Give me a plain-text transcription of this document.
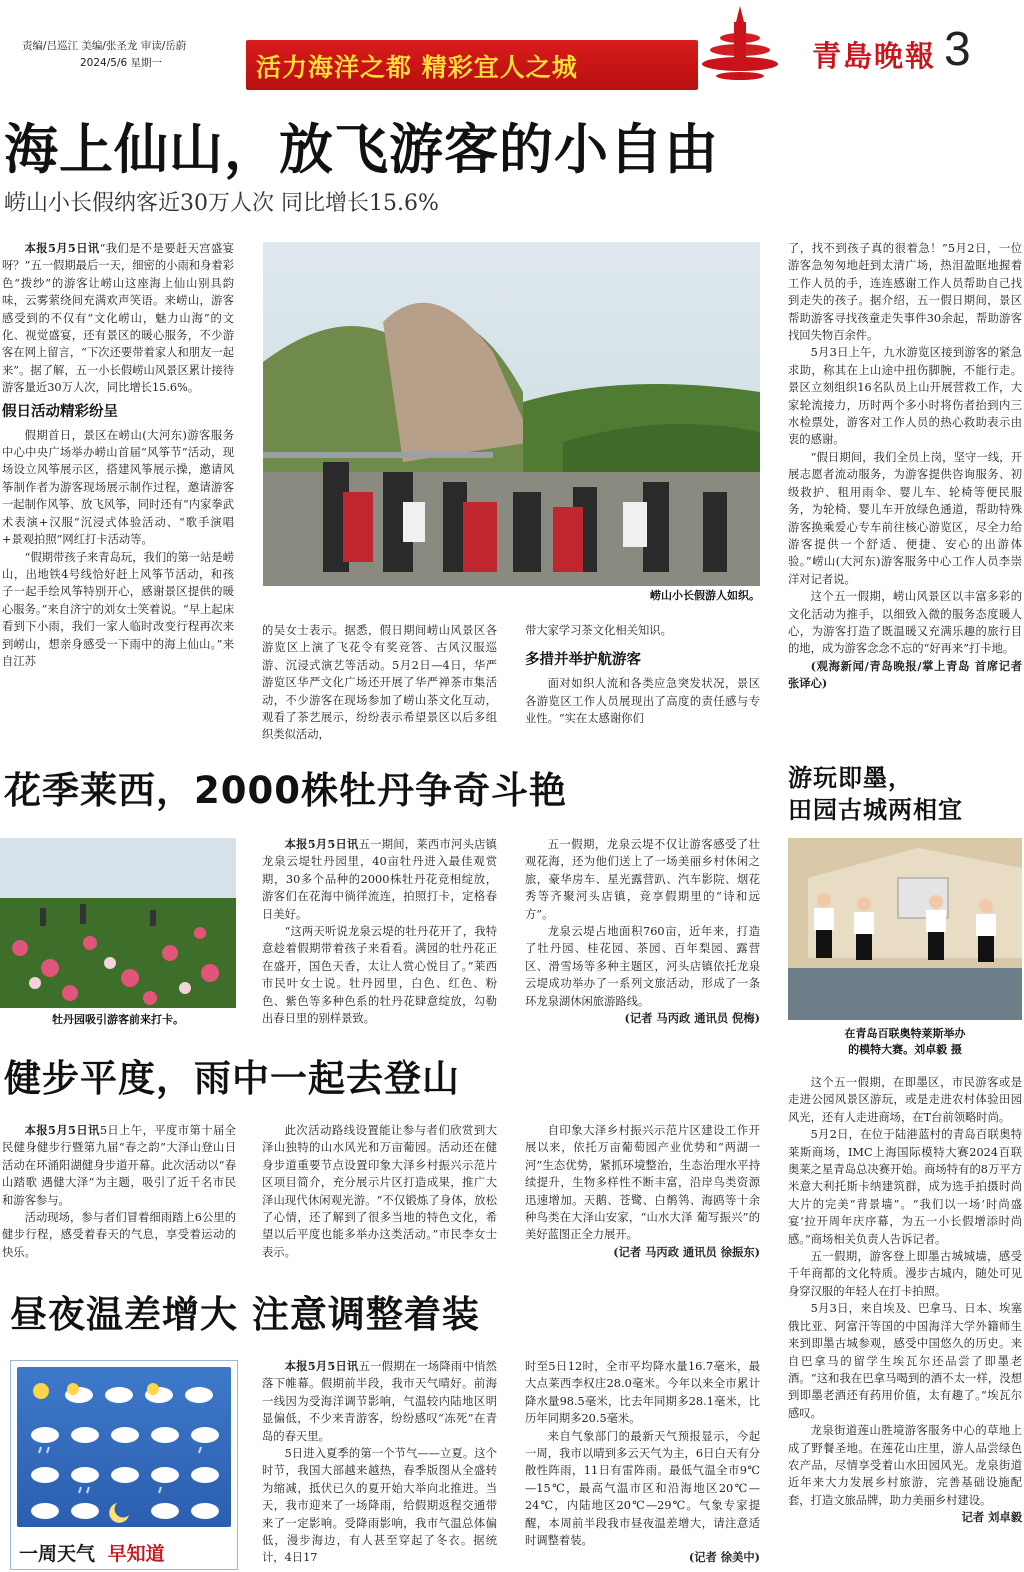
责编/吕巡江 美编/张圣龙 审读/岳蔚
2024/5/6 星期一	活力海洋之都 精彩宜人之城	青島晚報 3
海上仙山，放飞游客的小自由
崂山小长假纳客近30万人次 同比增长15.6%

本报5月5日讯“我们是不是要赶天宫盛宴呀？”五一假期最后一天，细密的小雨和身着彩色“拨纱”的游客让崂山这座海上仙山别具韵味，云雾萦绕间充满欢声笑语。来崂山，游客感受到的不仅有“文化崂山，魅力山海”的文化、视觉盛宴，还有景区的暖心服务，不少游客在网上留言，“下次还要带着家人和朋友一起来”。据了解，五一小长假崂山风景区累计接待游客量近30万人次，同比增长15.6%。

假日活动精彩纷呈

假期首日，景区在崂山(大河东)游客服务中心中央广场举办崂山首届“风筝节”活动，现场设立风筝展示区，搭建风筝展示操，邀请风筝制作者为游客现场展示制作过程，邀请游客一起制作风筝、放飞风筝，同时还有“内家拳武术表演+汉服”沉浸式体验活动、“歌手演唱+景观拍照”网红打卡活动等。

“假期带孩子来青岛玩，我们的第一站是崂山，出地铁4号线恰好赶上风筝节活动，和孩子一起手绘风筝特别开心，感谢景区提供的暖心服务。”来自济宁的刘女士笑着说。“早上起床看到下小雨，我们一家人临时改变行程再次来到崂山，想亲身感受一下雨中的海上仙山。”来自江苏

崂山小长假游人如织。

的吴女士表示。据悉，假日期间崂山风景区各游览区上演了飞花令有奖竞答、古风汉服巡游、沉浸式演艺等活动。5月2日—4日，华严游览区华严文化广场还开展了华严禅茶市集活动，不少游客在现场参加了崂山茶文化互动，观看了茶艺展示，纷纷表示希望景区以后多组织类似活动，

带大家学习茶文化相关知识。

多措并举护航游客

面对如织人流和各类应急突发状况，景区各游览区工作人员展现出了高度的责任感与专业性。“实在太感谢你们

了，找不到孩子真的很着急！”5月2日，一位游客急匆匆地赶到太清广场，热泪盈眶地握着工作人员的手，连连感谢工作人员帮助自己找到走失的孩子。据介绍，五一假日期间，景区帮助游客寻找孩童走失事件30余起，帮助游客找回失物百余件。

5月3日上午，九水游览区接到游客的紧急求助，称其在上山途中扭伤脚腕，不能行走。景区立刻组织16名队员上山开展营救工作，大家轮流接力，历时两个多小时将伤者抬到内三水检票处，游客对工作人员的热心救助表示由衷的感谢。

“假日期间，我们全员上岗，坚守一线，开展志愿者流动服务，为游客提供咨询服务、初级救护、租用雨伞、婴儿车、轮椅等便民服务，为轮椅、婴儿车开放绿色通道，帮助特殊游客换乘爱心专车前往核心游览区，尽全力给游客提供一个舒适、便捷、安心的出游体验。”崂山(大河东)游客服务中心工作人员李崇洋对记者说。

这个五一假期，崂山风景区以丰富多彩的文化活动为推手，以细致入微的服务态度暖人心，为游客打造了既温暖又充满乐趣的旅行目的地，成为游客念念不忘的“好再来”打卡地。

(观海新闻/青岛晚报/掌上青岛 首席记者 张译心)

花季莱西，2000株牡丹争奇斗艳
牡丹园吸引游客前来打卡。

本报5月5日讯五一期间，莱西市河头店镇龙泉云堤牡丹园里，40亩牡丹进入最佳观赏期，30多个品种的2000株牡丹花竞相绽放，游客们在花海中徜徉流连，拍照打卡，定格春日美好。

“这两天听说龙泉云堤的牡丹花开了，我特意趁着假期带着孩子来看看。满园的牡丹花正在盛开，国色天香，太让人赏心悦目了。”莱西市民叶女士说。牡丹园里，白色、红色、粉色、紫色等多种色系的牡丹花肆意绽放，勾勒出春日里的别样景致。

五一假期，龙泉云堤不仅让游客感受了壮观花海，还为他们送上了一场美丽乡村休闲之旅，豪华房车、星光露营趴、汽车影院、烟花秀等齐聚河头店镇，竞享假期里的“诗和远方”。

龙泉云堤占地面积760亩，近年来，打造了牡丹园、桂花园、茶园、百年梨园、露营区、滑雪场等多种主题区，河头店镇依托龙泉云堤成功举办了一系列文旅活动，形成了一条环龙泉湖休闲旅游路线。

(记者 马丙政 通讯员 倪梅)

健步平度，雨中一起去登山

本报5月5日讯5日上午，平度市第十届全民健身健步行暨第九届“春之韵”大泽山登山日活动在环涌阳湖健身步道开幕。此次活动以“春山踏歌 遇健大泽”为主题，吸引了近千名市民和游客参与。

活动现场，参与者们冒着细雨踏上6公里的健步行程，感受着春天的气息，享受着运动的快乐。

此次活动路线设置能让参与者们欣赏到大泽山独特的山水风光和万亩葡园。活动还在健身步道重要节点设置印象大泽乡村振兴示范片区项目简介，充分展示片区打造成果，推广大泽山现代休闲观光游。“不仅锻炼了身体，放松了心情，还了解到了很多当地的特色文化，希望以后平度也能多举办这类活动。”市民李女士表示。

自印象大泽乡村振兴示范片区建设工作开展以来，依托万亩葡萄园产业优势和“两湖一河”生态优势，紧抓环境整治，生态治理水平持续提升，生物多样性不断丰富，沿岸鸟类资源迅速增加。天鹅、苍鹭、白鹡鸰、海鸥等十余种鸟类在大泽山安家，“山水大泽 葡写振兴”的美好蓝图正全力展开。

(记者 马丙政 通讯员 徐振东)

昼夜温差增大 注意调整着装
一周天气 早知道

本报5月5日讯五一假期在一场降雨中悄然落下帷幕。假期前半段，我市天气晴好。前海一线因为受海洋调节影响，气温较内陆地区明显偏低，不少来青游客，纷纷感叹“冻死”在青岛的春天里。

5日进入夏季的第一个节气——立夏。这个时节，我国大部越来越热，春季版图从全盛转为缩减，抵伏已久的夏开始大举向北推进。当天，我市迎来了一场降雨，给假期返程交通带来了一定影响。受降雨影响，我市气温总体偏低，漫步海边，有人甚至穿起了冬衣。据统计，4日17

时至5日12时，全市平均降水量16.7毫米，最大点莱西李权庄28.0毫米。今年以来全市累计降水量98.5毫米，比去年同期多28.1毫米，比历年同期多20.5毫米。

来自气象部门的最新天气预报显示，今起一周，我市以晴到多云天气为主，6日白天有分散性阵雨，11日有雷阵雨。最低气温全市9℃—15℃，最高气温市区和沿海地区20℃—24℃，内陆地区20℃—29℃。气象专家提醒，本周前半段我市昼夜温差增大，请注意适时调整着装。

(记者 徐美中)

游玩即墨，
田园古城两相宜
在青岛百联奥特莱斯举办
的模特大赛。刘卓毅 摄

这个五一假期，在即墨区，市民游客或是走进公园风景区游玩，或是走进农村体验田园风光，还有人走进商场，在T台前领略时尚。

5月2日，在位于陆港蓝村的青岛百联奥特莱斯商场，IMC上海国际模特大赛2024百联奥莱之星青岛总决赛开始。商场特有的8万平方米意大利托斯卡纳建筑群，成为选手拍摄时尚大片的完美“背景墙”。“我们以一场‘时尚盛宴’拉开周年庆序幕，为五一小长假增添时尚感。”商场相关负责人告诉记者。

五一假期，游客登上即墨古城城墙，感受千年商都的文化特质。漫步古城内，随处可见身穿汉服的年轻人在打卡拍照。

5月3日，来自埃及、巴拿马、日本、埃塞俄比亚、阿富汗等国的中国海洋大学外籍师生来到即墨古城参观，感受中国悠久的历史。来自巴拿马的留学生埃瓦尔还品尝了即墨老酒。“这和我在巴拿马喝到的酒不太一样，没想到即墨老酒还有药用价值，太有趣了。”埃瓦尔感叹。

龙泉街道莲山胜境游客服务中心的草地上成了野餐圣地。在莲花山庄里，游人品尝绿色农产品，尽情享受着山水田园风光。龙泉街道近年来大力发展乡村旅游，完善基础设施配套，打造文旅品牌，助力美丽乡村建设。

记者 刘卓毅
